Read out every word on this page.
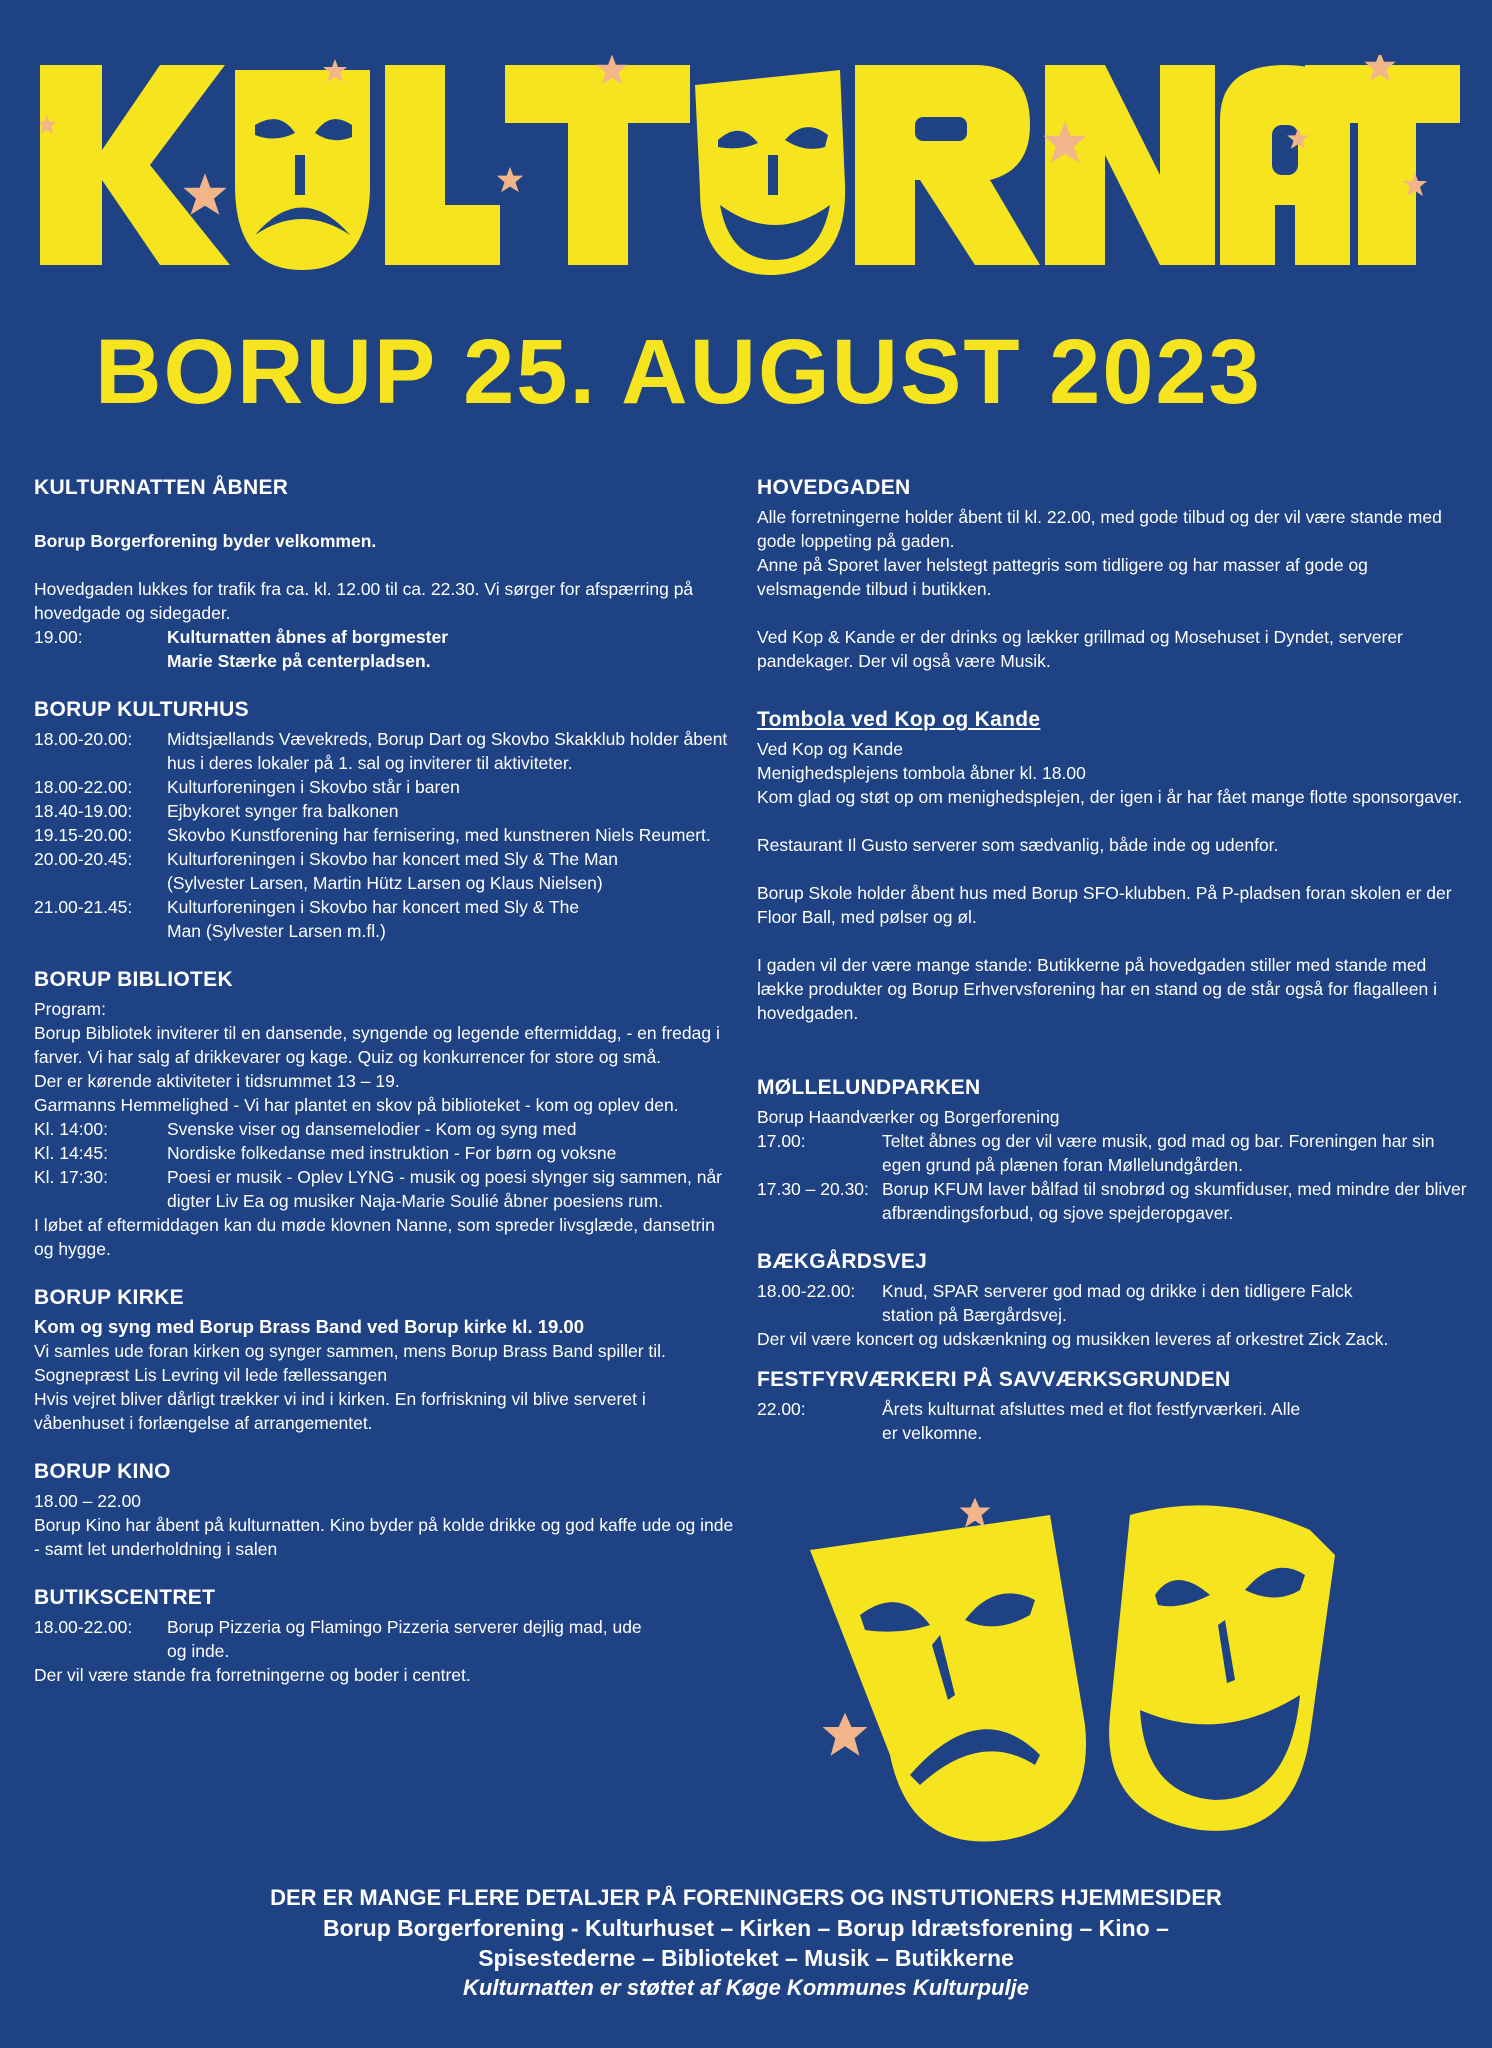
BORUP 25. AUGUST 2023
KULTURNATTEN ÅBNER

Borup Borgerforening byder velkommen.

Hovedgaden lukkes for trafik fra ca. kl. 12.00 til ca. 22.30. Vi sørger for afspærring på hovedgade og sidegader.

19.00:	Kulturnatten åbnes af borgmester Marie Stærke på centerpladsen.
BORUP KULTURHUS
18.00-20.00:	Midtsjællands Vævekreds, Borup Dart og Skovbo Skakklub holder åbent hus i deres lokaler på 1. sal og inviterer til aktiviteter.
18.00-22.00:	Kulturforeningen i Skovbo står i baren
18.40-19.00:	Ejbykoret synger fra balkonen
19.15-20.00:	Skovbo Kunstforening har fernisering, med kunstneren Niels Reumert.
20.00-20.45:	Kulturforeningen i Skovbo har koncert med Sly & The Man (Sylvester Larsen, Martin Hütz Larsen og Klaus Nielsen)
21.00-21.45:	Kulturforeningen i Skovbo har koncert med Sly & The Man (Sylvester Larsen m.fl.)
BORUP BIBLIOTEK

Program:

Borup Bibliotek inviterer til en dansende, syngende og legende eftermiddag, - en fredag i farver. Vi har salg af drikkevarer og kage. Quiz og konkurrencer for store og små.

Der er kørende aktiviteter i tidsrummet 13 – 19.

Garmanns Hemmelighed - Vi har plantet en skov på biblioteket - kom og oplev den.

Kl. 14:00:	Svenske viser og dansemelodier - Kom og syng med
Kl. 14:45:	Nordiske folkedanse med instruktion - For børn og voksne
Kl. 17:30:	Poesi er musik - Oplev LYNG - musik og poesi slynger sig sammen, når digter Liv Ea og musiker Naja-Marie Soulié åbner poesiens rum.

I løbet af eftermiddagen kan du møde klovnen Nanne, som spreder livsglæde, dansetrin og hygge.

BORUP KIRKE

Kom og syng med Borup Brass Band ved Borup kirke kl. 19.00

Vi samles ude foran kirken og synger sammen, mens Borup Brass Band spiller til. Sognepræst Lis Levring vil lede fællessangen

Hvis vejret bliver dårligt trækker vi ind i kirken. En forfriskning vil blive serveret i våbenhuset i forlængelse af arrangementet.

BORUP KINO

18.00 – 22.00

Borup Kino har åbent på kulturnatten. Kino byder på kolde drikke og god kaffe ude og inde - samt let underholdning i salen

BUTIKSCENTRET
18.00-22.00:	Borup Pizzeria og Flamingo Pizzeria serverer dejlig mad, ude og inde.

Der vil være stande fra forretningerne og boder i centret.

HOVEDGADEN

Alle forretningerne holder åbent til kl. 22.00, med gode tilbud og der vil være stande med gode loppeting på gaden.

Anne på Sporet laver helstegt pattegris som tidligere og har masser af gode og velsmagende tilbud i butikken.

Ved Kop & Kande er der drinks og lækker grillmad og Mosehuset i Dyndet, serverer pandekager. Der vil også være Musik.

Tombola ved Kop og Kande

Ved Kop og Kande

Menighedsplejens tombola åbner kl. 18.00

Kom glad og støt op om menighedsplejen, der igen i år har fået mange flotte sponsorgaver.

Restaurant Il Gusto serverer som sædvanlig, både inde og udenfor.

Borup Skole holder åbent hus med Borup SFO-klubben. På P-pladsen foran skolen er der Floor Ball, med pølser og øl.

I gaden vil der være mange stande: Butikkerne på hovedgaden stiller med stande med lække produkter og Borup Erhvervsforening har en stand og de står også for flagalleen i hovedgaden.

MØLLELUNDPARKEN

Borup Haandværker og Borgerforening

17.00:	Teltet åbnes og der vil være musik, god mad og bar. Foreningen har sin egen grund på plænen foran Møllelundgården.
17.30 – 20.30: Borup KFUM laver bålfad til snobrød og skumfiduser, med mindre der bliver afbrændingsforbud, og sjove spejderopgaver.
BÆKGÅRDSVEJ
18.00-22.00:	Knud, SPAR serverer god mad og drikke i den tidligere Falck station på Bærgårdsvej.

Der vil være koncert og udskænkning og musikken leveres af orkestret Zick Zack.

FESTFYRVÆRKERI PÅ SAVVÆRKSGRUNDEN
22.00:	Årets kulturnat afsluttes med et flot festfyrværkeri. Alle er velkomne.
DER ER MANGE FLERE DETALJER PÅ FORENINGERS OG INSTUTIONERS HJEMMESIDER
Borup Borgerforening - Kulturhuset – Kirken – Borup Idrætsforening – Kino –
Spisestederne – Biblioteket – Musik – Butikkerne
Kulturnatten er støttet af Køge Kommunes Kulturpulje
